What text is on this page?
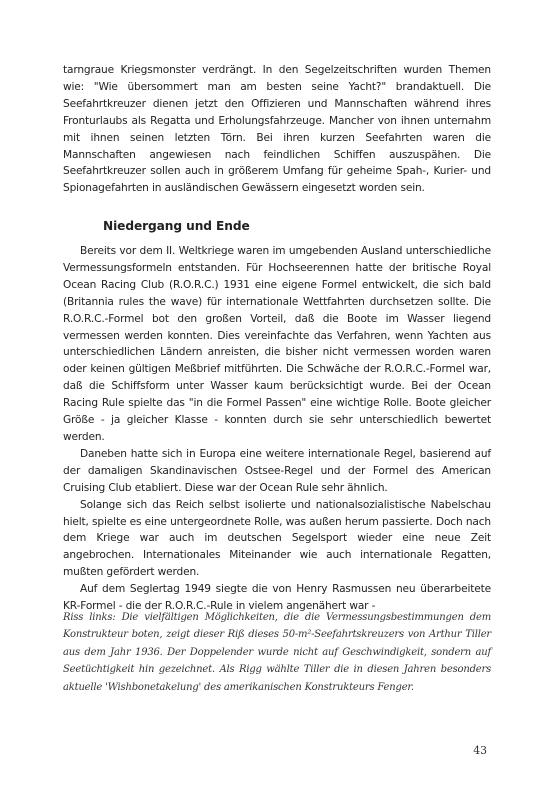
tarngraue Kriegsmonster verdrängt. In den Segelzeitschriften wurden Themen wie: "Wie übersommert man am besten seine Yacht?" brandaktuell. Die Seefahrtkreuzer dienen jetzt den Offizieren und Mannschaften während ihres Fronturlaubs als Regatta und Erholungsfahrzeuge. Mancher von ihnen unternahm mit ihnen seinen letzten Törn. Bei ihren kurzen Seefahrten waren die Mannschaften angewiesen nach feindlichen Schiffen auszuspähen. Die Seefahrtkreuzer sollen auch in größerem Umfang für geheime Spah-, Kurier- und Spionagefahrten in ausländischen Gewässern eingesetzt worden sein.

Niedergang und Ende

Bereits vor dem II. Weltkriege waren im umgebenden Ausland unterschiedliche Vermessungsformeln entstanden. Für Hochseerennen hatte der britische Royal Ocean Racing Club (R.O.R.C.) 1931 eine eigene Formel entwickelt, die sich bald (Britannia rules the wave) für internationale Wettfahrten durchsetzen sollte. Die R.O.R.C.-Formel bot den großen Vorteil, daß die Boote im Wasser liegend vermessen werden konnten. Dies vereinfachte das Verfahren, wenn Yachten aus unterschiedlichen Ländern anreisten, die bisher nicht vermessen worden waren oder keinen gültigen Meßbrief mitführten. Die Schwäche der R.O.R.C.-Formel war, daß die Schiffsform unter Wasser kaum berücksichtigt wurde. Bei der Ocean Racing Rule spielte das "in die Formel Passen" eine wichtige Rolle. Boote gleicher Größe - ja gleicher Klasse - konnten durch sie sehr unterschiedlich bewertet werden.

Daneben hatte sich in Europa eine weitere internationale Regel, basierend auf der damaligen Skandinavischen Ostsee-Regel und der Formel des American Cruising Club etabliert. Diese war der Ocean Rule sehr ähnlich.

Solange sich das Reich selbst isolierte und nationalsozialistische Nabelschau hielt, spielte es eine untergeordnete Rolle, was außen herum passierte. Doch nach dem Kriege war auch im deutschen Segelsport wieder eine neue Zeit angebrochen. Internationales Miteinander wie auch internationale Regatten, mußten gefördert werden.

Auf dem Seglertag 1949 siegte die von Henry Rasmussen neu überarbeitete KR-Formel - die der R.O.R.C.-Rule in vielem angenähert war -

Riss links: Die vielfältigen Möglichkeiten, die die Vermessungsbestimmungen dem Konstrukteur boten, zeigt dieser Riß dieses 50-m²-Seefahrtskreuzers von Arthur Tiller aus dem Jahr 1936. Der Doppelender wurde nicht auf Geschwindigkeit, sondern auf Seetüchtigkeit hin gezeichnet. Als Rigg wählte Tiller die in diesen Jahren besonders aktuelle 'Wishbonetakelung' des amerikanischen Konstrukteurs Fenger.

43
